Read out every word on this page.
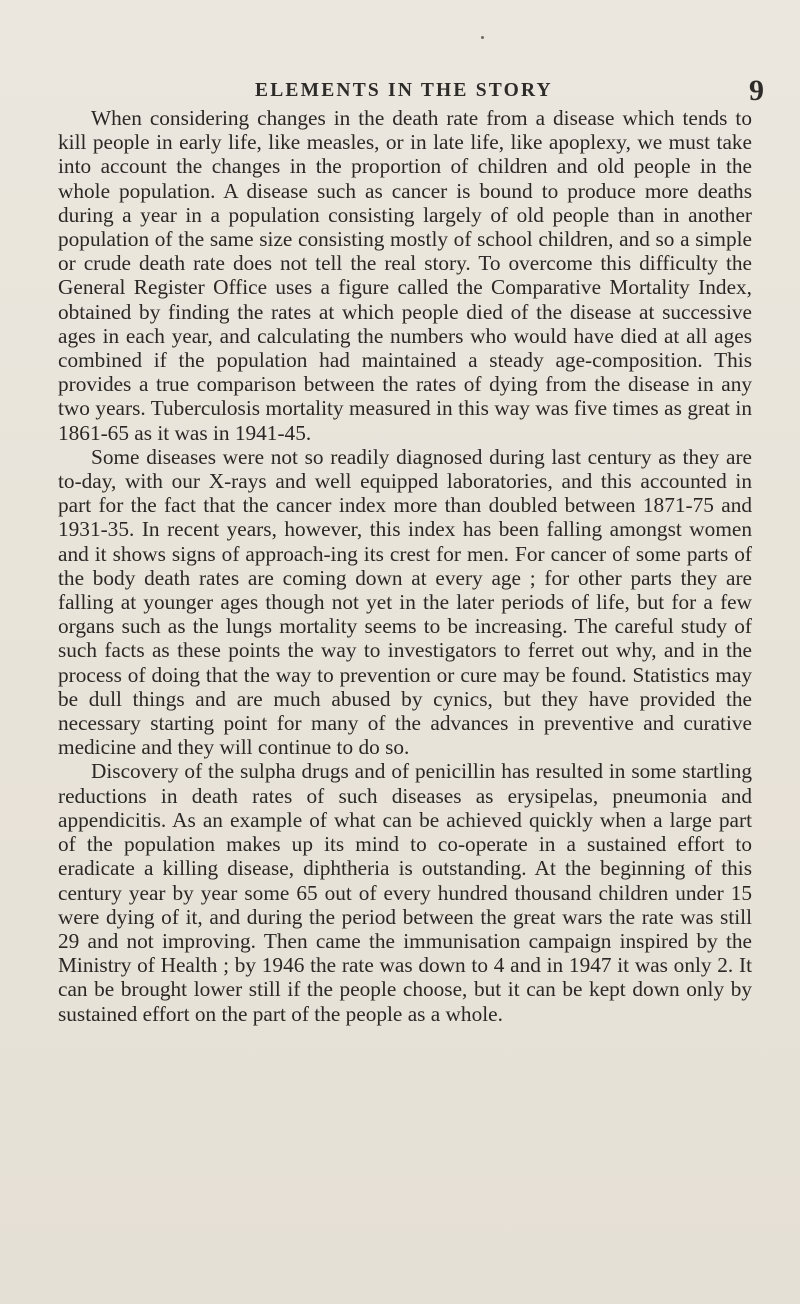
ELEMENTS IN THE STORY	9

When considering changes in the death rate from a disease which tends to kill people in early life, like measles, or in late life, like apoplexy, we must take into account the changes in the proportion of children and old people in the whole population. A disease such as cancer is bound to produce more deaths during a year in a population consisting largely of old people than in another population of the same size consisting mostly of school children, and so a simple or crude death rate does not tell the real story. To overcome this difficulty the General Register Office uses a figure called the Comparative Mortality Index, obtained by finding the rates at which people died of the disease at successive ages in each year, and calculating the numbers who would have died at all ages combined if the population had maintained a steady age-composition. This provides a true comparison between the rates of dying from the disease in any two years. Tuberculosis mortality measured in this way was five times as great in 1861-65 as it was in 1941-45.

Some diseases were not so readily diagnosed during last century as they are to-day, with our X-rays and well equipped laboratories, and this accounted in part for the fact that the cancer index more than doubled between 1871-75 and 1931-35. In recent years, however, this index has been falling amongst women and it shows signs of approach-ing its crest for men. For cancer of some parts of the body death rates are coming down at every age ; for other parts they are falling at younger ages though not yet in the later periods of life, but for a few organs such as the lungs mortality seems to be increasing. The careful study of such facts as these points the way to investigators to ferret out why, and in the process of doing that the way to prevention or cure may be found. Statistics may be dull things and are much abused by cynics, but they have provided the necessary starting point for many of the advances in preventive and curative medicine and they will continue to do so.

Discovery of the sulpha drugs and of penicillin has resulted in some startling reductions in death rates of such diseases as erysipelas, pneumonia and appendicitis. As an example of what can be achieved quickly when a large part of the population makes up its mind to co-operate in a sustained effort to eradicate a killing disease, diphtheria is outstanding. At the beginning of this century year by year some 65 out of every hundred thousand children under 15 were dying of it, and during the period between the great wars the rate was still 29 and not improving. Then came the immunisation campaign inspired by the Ministry of Health ; by 1946 the rate was down to 4 and in 1947 it was only 2. It can be brought lower still if the people choose, but it can be kept down only by sustained effort on the part of the people as a whole.
